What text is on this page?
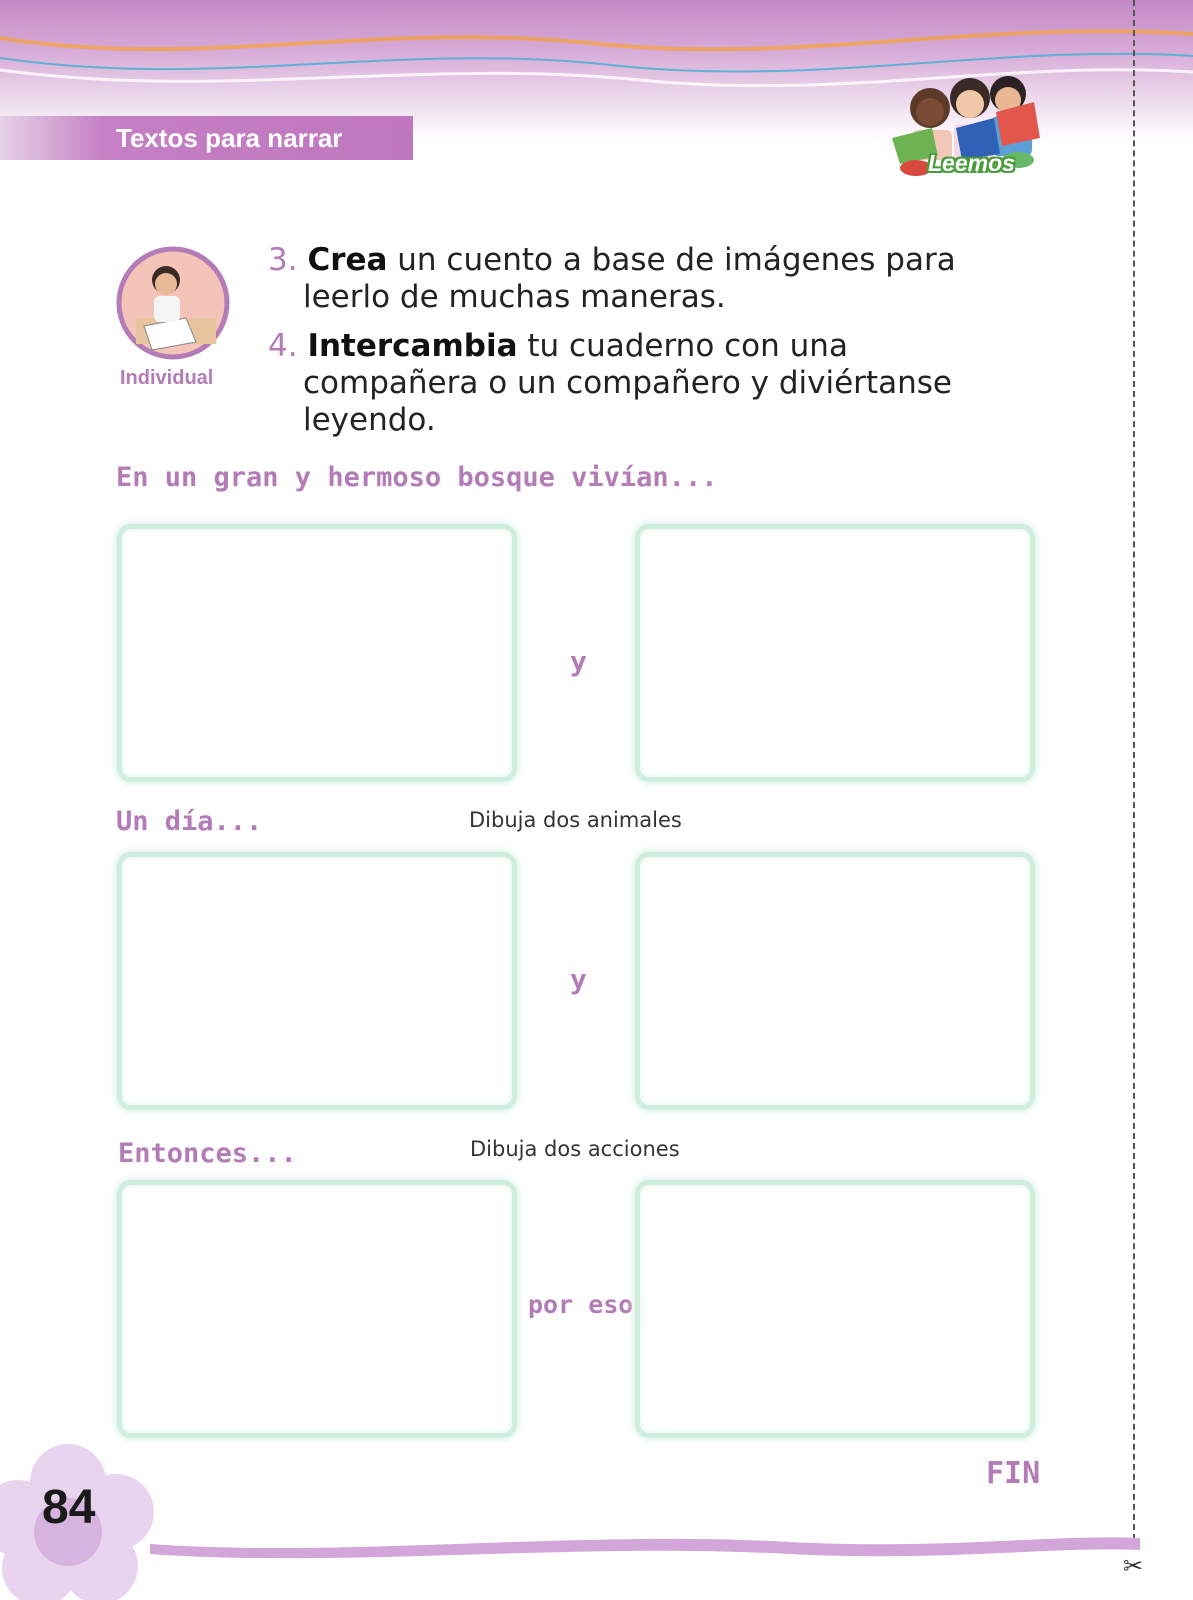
Textos para narrar
Leemos
✂
Individual
3. Crea un cuento a base de imágenes para
leerlo de muchas maneras.
4. Intercambia tu cuaderno con una
compañera o un compañero y diviértanse
leyendo.
En un gran y hermoso bosque vivían...
y
Un día...	Dibuja dos animales
y
Entonces...	Dibuja dos acciones
por eso
FIN
84
